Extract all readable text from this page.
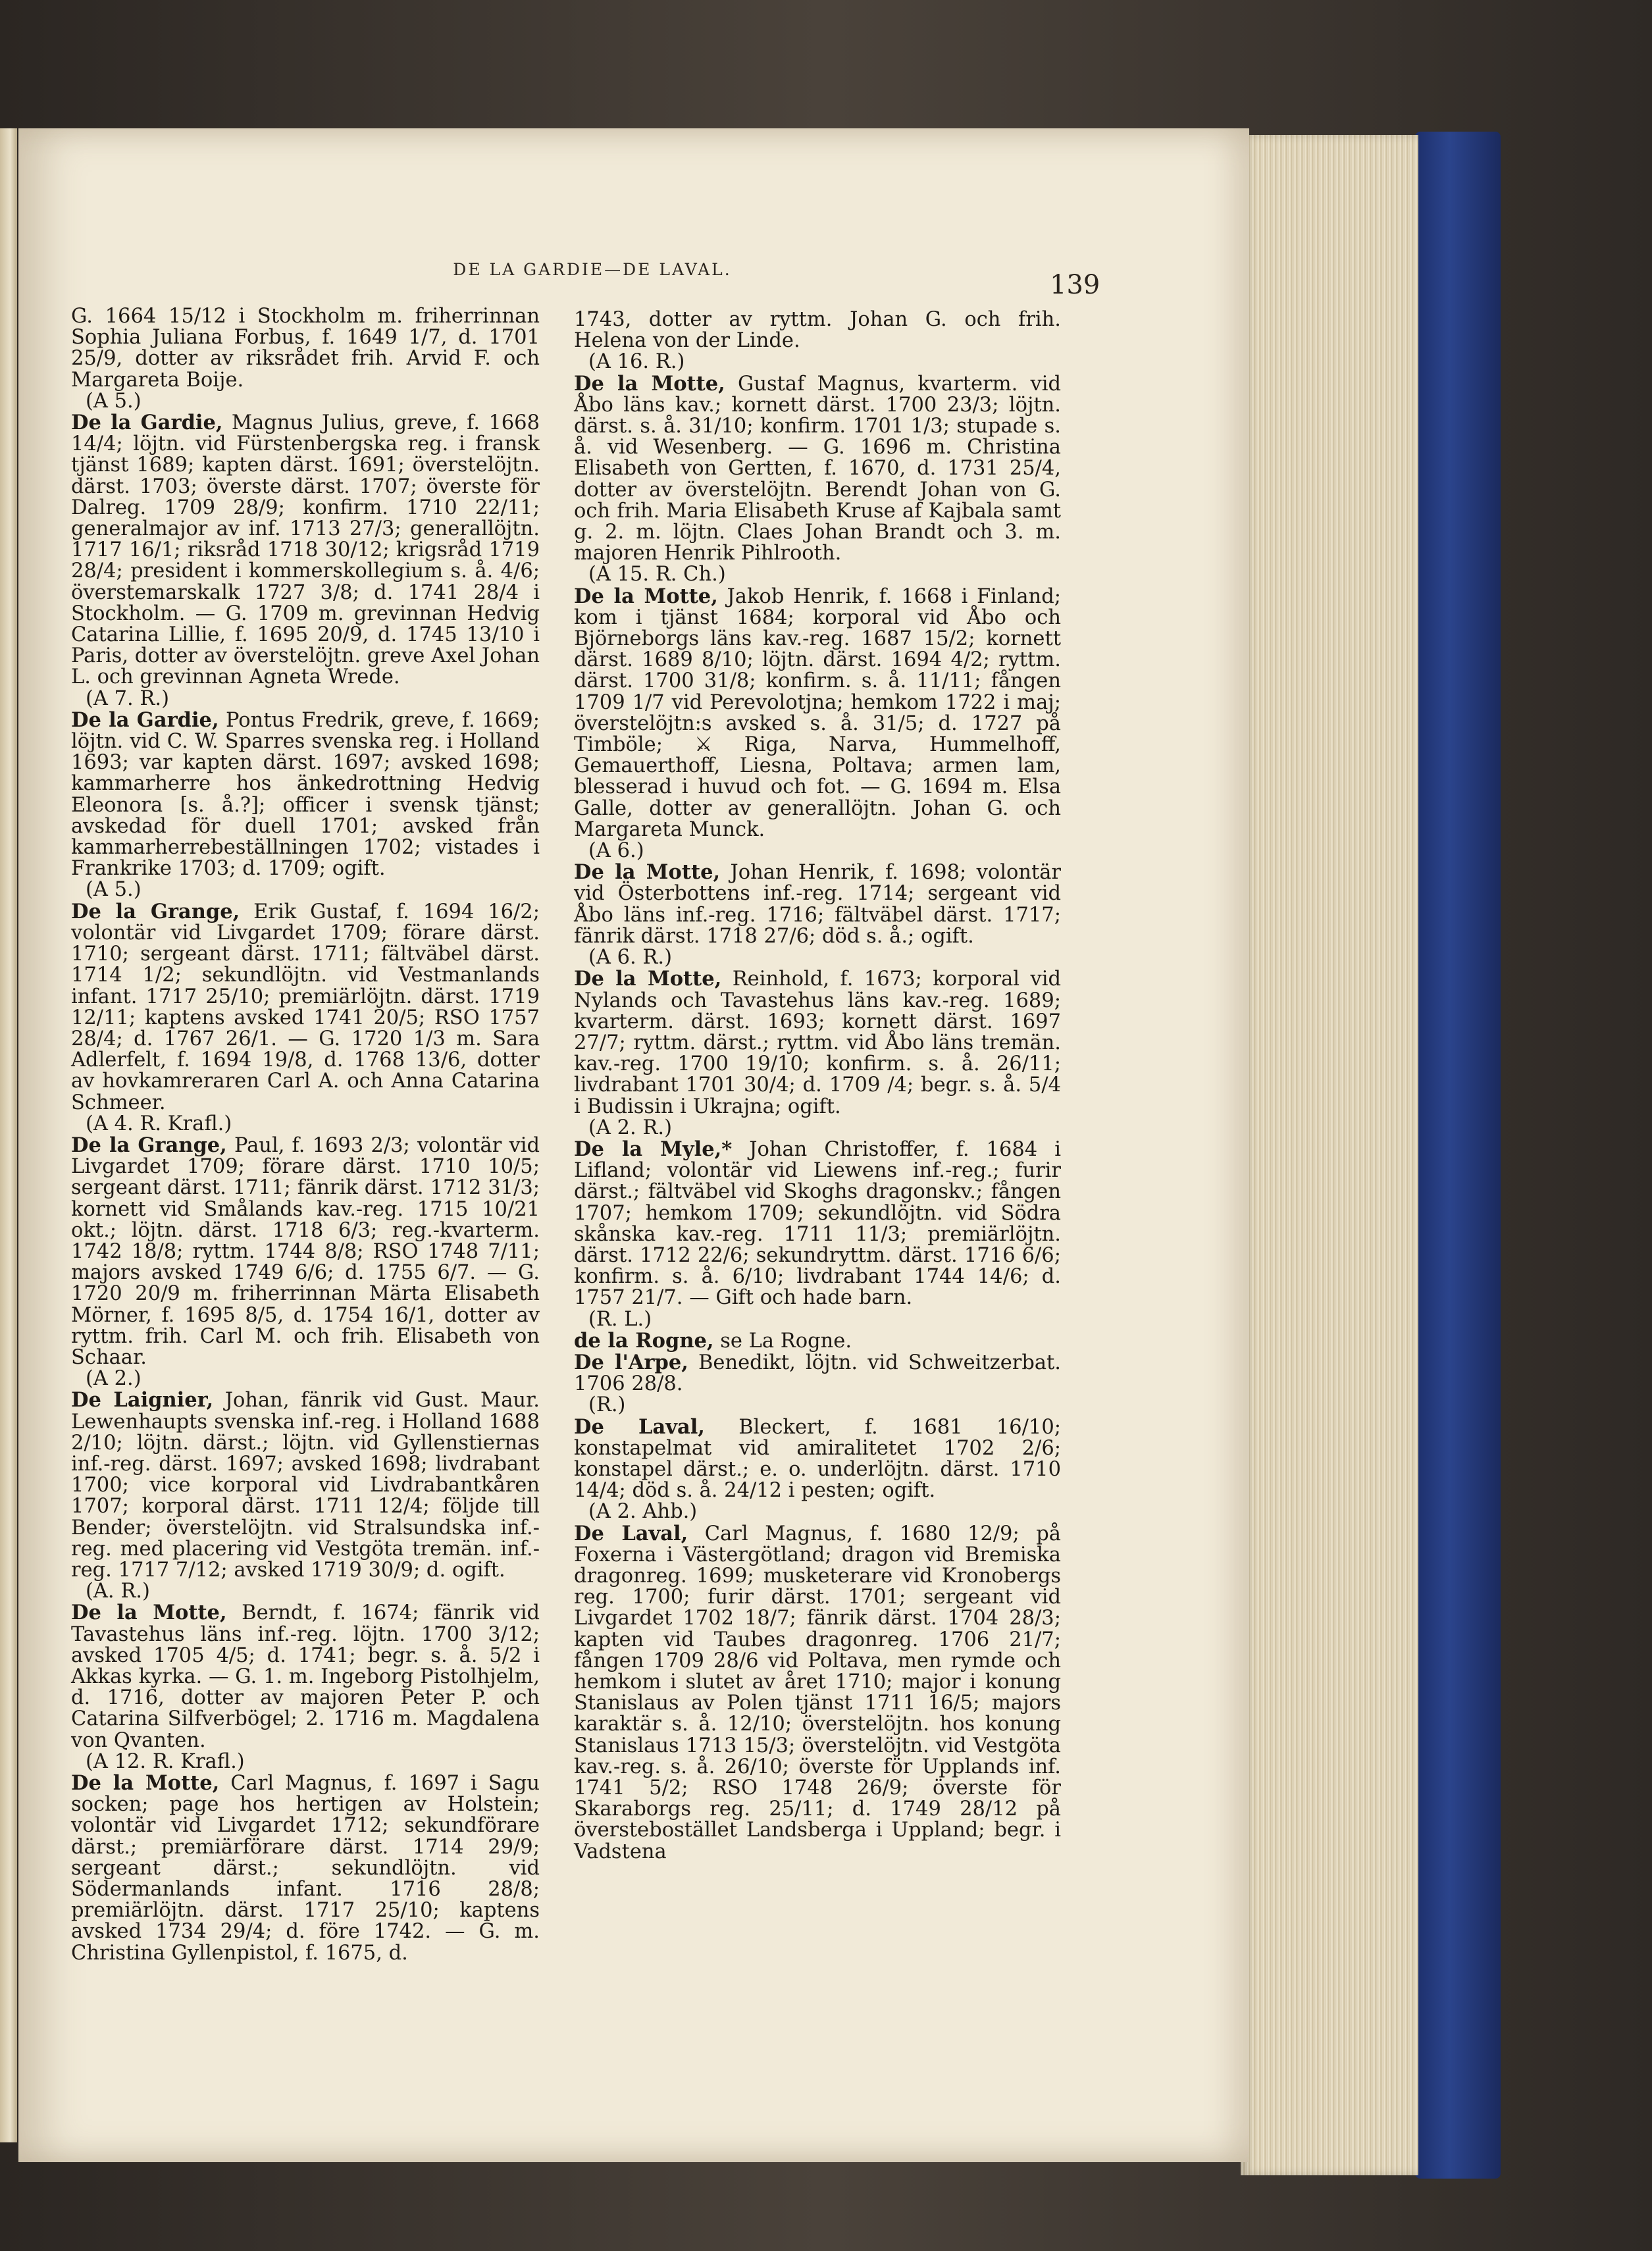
DE LA GARDIE—DE LAVAL.
139

G. 1664 15/12 i Stockholm m. friherrinnan Sophia Juliana Forbus, f. 1649 1/7, d. 1701 25/9, dotter av riksrådet frih. Arvid F. och Margareta Boije.

(A 5.)

De la Gardie, Magnus Julius, greve, f. 1668 14/4; löjtn. vid Fürstenbergska reg. i fransk tjänst 1689; kapten därst. 1691; överstelöjtn. därst. 1703; överste därst. 1707; överste för Dalreg. 1709 28/9; konfirm. 1710 22/11; generalmajor av inf. 1713 27/3; generallöjtn. 1717 16/1; riksråd 1718 30/12; krigsråd 1719 28/4; president i kommerskollegium s. å. 4/6; överstemarskalk 1727 3/8; d. 1741 28/4 i Stockholm. — G. 1709 m. grevinnan Hedvig Catarina Lillie, f. 1695 20/9, d. 1745 13/10 i Paris, dotter av överstelöjtn. greve Axel Johan L. och grevinnan Agneta Wrede.

(A 7. R.)

De la Gardie, Pontus Fredrik, greve, f. 1669; löjtn. vid C. W. Sparres svenska reg. i Holland 1693; var kapten därst. 1697; avsked 1698; kammarherre hos änkedrottning Hedvig Eleonora [s. å.?]; officer i svensk tjänst; avskedad för duell 1701; avsked från kammarherrebeställningen 1702; vistades i Frankrike 1703; d. 1709; ogift.

(A 5.)

De la Grange, Erik Gustaf, f. 1694 16/2; volontär vid Livgardet 1709; förare därst. 1710; sergeant därst. 1711; fältväbel därst. 1714 1/2; sekundlöjtn. vid Vestmanlands infant. 1717 25/10; premiärlöjtn. därst. 1719 12/11; kaptens avsked 1741 20/5; RSO 1757 28/4; d. 1767 26/1. — G. 1720 1/3 m. Sara Adlerfelt, f. 1694 19/8, d. 1768 13/6, dotter av hovkamreraren Carl A. och Anna Catarina Schmeer.

(A 4. R. Krafl.)

De la Grange, Paul, f. 1693 2/3; volontär vid Livgardet 1709; förare därst. 1710 10/5; sergeant därst. 1711; fänrik därst. 1712 31/3; kornett vid Smålands kav.-reg. 1715 10/21 okt.; löjtn. därst. 1718 6/3; reg.-kvarterm. 1742 18/8; ryttm. 1744 8/8; RSO 1748 7/11; majors avsked 1749 6/6; d. 1755 6/7. — G. 1720 20/9 m. friherrinnan Märta Elisabeth Mörner, f. 1695 8/5, d. 1754 16/1, dotter av ryttm. frih. Carl M. och frih. Elisabeth von Schaar.

(A 2.)

De Laignier, Johan, fänrik vid Gust. Maur. Lewenhaupts svenska inf.-reg. i Holland 1688 2/10; löjtn. därst.; löjtn. vid Gyllenstiernas inf.-reg. därst. 1697; avsked 1698; livdrabant 1700; vice korporal vid Livdrabantkåren 1707; korporal därst. 1711 12/4; följde till Bender; överstelöjtn. vid Stralsundska inf.-reg. med placering vid Vestgöta tremän. inf.-reg. 1717 7/12; avsked 1719 30/9; d. ogift.

(A. R.)

De la Motte, Berndt, f. 1674; fänrik vid Tavastehus läns inf.-reg. löjtn. 1700 3/12; avsked 1705 4/5; d. 1741; begr. s. å. 5/2 i Akkas kyrka. — G. 1. m. Ingeborg Pistolhjelm, d. 1716, dotter av majoren Peter P. och Catarina Silfverbögel; 2. 1716 m. Magdalena von Qvanten.

(A 12. R. Krafl.)

De la Motte, Carl Magnus, f. 1697 i Sagu socken; page hos hertigen av Holstein; volontär vid Livgardet 1712; sekundförare därst.; premiärförare därst. 1714 29/9; sergeant därst.; sekundlöjtn. vid Södermanlands infant. 1716 28/8; premiärlöjtn. därst. 1717 25/10; kaptens avsked 1734 29/4; d. före 1742. — G. m. Christina Gyllenpistol, f. 1675, d.

1743, dotter av ryttm. Johan G. och frih. Helena von der Linde.

(A 16. R.)

De la Motte, Gustaf Magnus, kvarterm. vid Åbo läns kav.; kornett därst. 1700 23/3; löjtn. därst. s. å. 31/10; konfirm. 1701 1/3; stupade s. å. vid Wesenberg. — G. 1696 m. Christina Elisabeth von Gertten, f. 1670, d. 1731 25/4, dotter av överstelöjtn. Berendt Johan von G. och frih. Maria Elisabeth Kruse af Kajbala samt g. 2. m. löjtn. Claes Johan Brandt och 3. m. majoren Henrik Pihlrooth.

(A 15. R. Ch.)

De la Motte, Jakob Henrik, f. 1668 i Finland; kom i tjänst 1684; korporal vid Åbo och Björneborgs läns kav.-reg. 1687 15/2; kornett därst. 1689 8/10; löjtn. därst. 1694 4/2; ryttm. därst. 1700 31/8; konfirm. s. å. 11/11; fången 1709 1/7 vid Perevolotjna; hemkom 1722 i maj; överstelöjtn:s avsked s. å. 31/5; d. 1727 på Timböle; ⚔ Riga, Narva, Hummelhoff, Gemauerthoff, Liesna, Poltava; armen lam, blesserad i huvud och fot. — G. 1694 m. Elsa Galle, dotter av generallöjtn. Johan G. och Margareta Munck.

(A 6.)

De la Motte, Johan Henrik, f. 1698; volontär vid Österbottens inf.-reg. 1714; sergeant vid Åbo läns inf.-reg. 1716; fältväbel därst. 1717; fänrik därst. 1718 27/6; död s. å.; ogift.

(A 6. R.)

De la Motte, Reinhold, f. 1673; korporal vid Nylands och Tavastehus läns kav.-reg. 1689; kvarterm. därst. 1693; kornett därst. 1697 27/7; ryttm. därst.; ryttm. vid Åbo läns tremän. kav.-reg. 1700 19/10; konfirm. s. å. 26/11; livdrabant 1701 30/4; d. 1709 /4; begr. s. å. 5/4 i Budissin i Ukrajna; ogift.

(A 2. R.)

De la Myle,* Johan Christoffer, f. 1684 i Lifland; volontär vid Liewens inf.-reg.; furir därst.; fältväbel vid Skoghs dragonskv.; fången 1707; hemkom 1709; sekundlöjtn. vid Södra skånska kav.-reg. 1711 11/3; premiärlöjtn. därst. 1712 22/6; sekundryttm. därst. 1716 6/6; konfirm. s. å. 6/10; livdrabant 1744 14/6; d. 1757 21/7. — Gift och hade barn.

(R. L.)

de la Rogne, se La Rogne.

De l'Arpe, Benedikt, löjtn. vid Schweitzerbat. 1706 28/8.

(R.)

De Laval, Bleckert, f. 1681 16/10; konstapelmat vid amiralitetet 1702 2/6; konstapel därst.; e. o. underlöjtn. därst. 1710 14/4; död s. å. 24/12 i pesten; ogift.

(A 2. Ahb.)

De Laval, Carl Magnus, f. 1680 12/9; på Foxerna i Västergötland; dragon vid Bremiska dragonreg. 1699; musketerare vid Kronobergs reg. 1700; furir därst. 1701; sergeant vid Livgardet 1702 18/7; fänrik därst. 1704 28/3; kapten vid Taubes dragonreg. 1706 21/7; fången 1709 28/6 vid Poltava, men rymde och hemkom i slutet av året 1710; major i konung Stanislaus av Polen tjänst 1711 16/5; majors karaktär s. å. 12/10; överstelöjtn. hos konung Stanislaus 1713 15/3; överstelöjtn. vid Vestgöta kav.-reg. s. å. 26/10; överste för Upplands inf. 1741 5/2; RSO 1748 26/9; överste för Skaraborgs reg. 25/11; d. 1749 28/12 på överstebostället Landsberga i Uppland; begr. i Vadstena
